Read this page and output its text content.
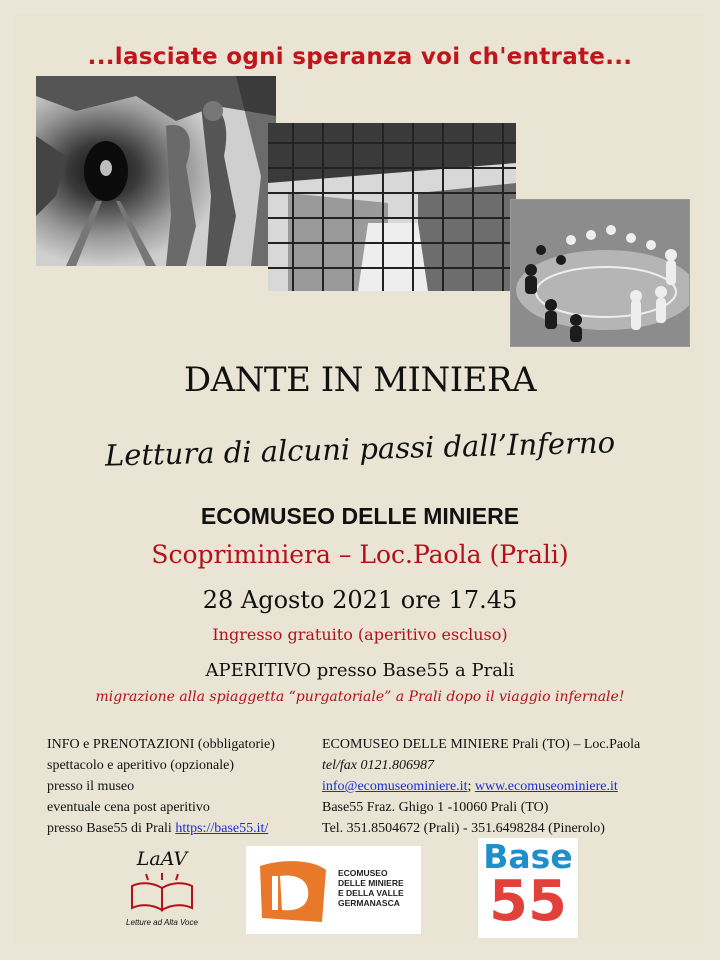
...lasciate ogni speranza voi ch'entrate...
DANTE IN MINIERA
Lettura di alcuni passi dall’Inferno
ECOMUSEO DELLE MINIERE
Scopriminiera – Loc.Paola (Prali)
28 Agosto 2021 ore 17.45
Ingresso gratuito (aperitivo escluso)
APERITIVO presso Base55 a Prali
migrazione alla spiaggetta “purgatoriale” a Prali dopo il viaggio infernale!
INFO e PRENOTAZIONI (obbligatorie)
spettacolo e aperitivo (opzionale)
presso il museo
eventuale cena post aperitivo
presso Base55 di Prali https://base55.it/
ECOMUSEO DELLE MINIERE Prali (TO) – Loc.Paola
tel/fax 0121.806987
info@ecomuseominiere.it; www.ecomuseominiere.it
Base55 Fraz. Ghigo 1 -10060 Prali (TO)
Tel. 351.8504672 (Prali) - 351.6498284 (Pinerolo)
LaAV
Letture ad Alta Voce
ECOMUSEO
DELLE MINIERE
E DELLA VALLE
GERMANASCA
Base
55
